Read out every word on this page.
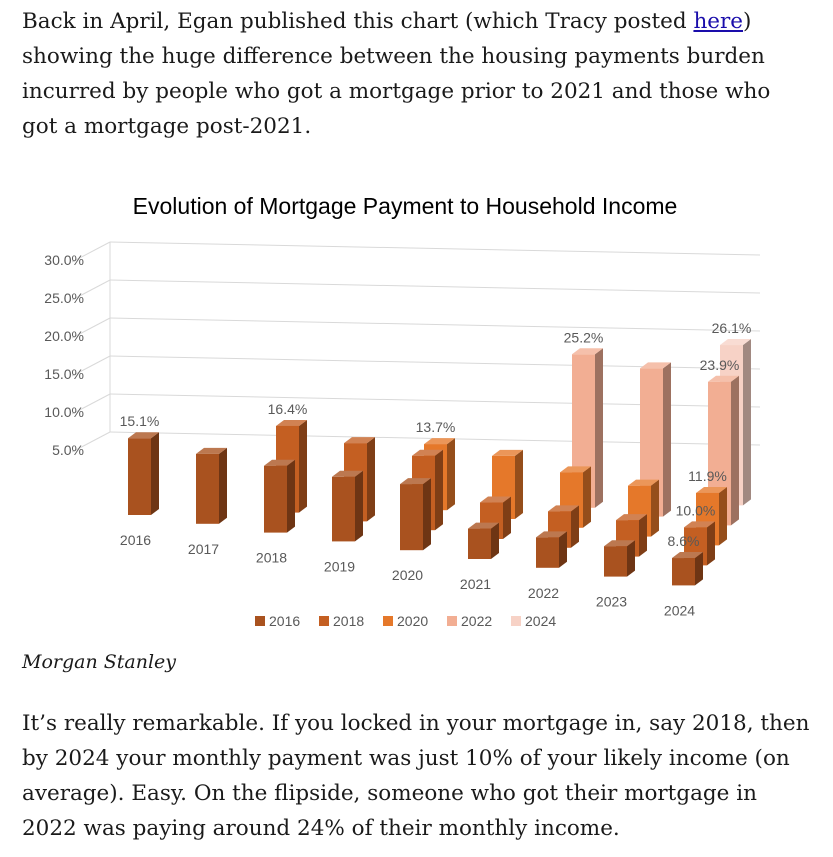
Back in April, Egan published this chart (which Tracy posted here) showing the huge difference between the housing payments burden incurred by people who got a mortgage prior to 2021 and those who got a mortgage post-2021.

Evolution of Mortgage Payment to Household Income
5.0%
10.0%
15.0%
20.0%
25.0%
30.0%
2016
2017
2018
2019
2020
2021
2022
2023
2024
15.1%
16.4%
13.7%
25.2%
26.1%
23.9%
11.9%
10.0%
8.6%
2016 2018 2020 2022 2024

Morgan Stanley

It’s really remarkable. If you locked in your mortgage in, say 2018, then by 2024 your monthly payment was just 10% of your likely income (on average). Easy. On the flipside, someone who got their mortgage in 2022 was paying around 24% of their monthly income.
